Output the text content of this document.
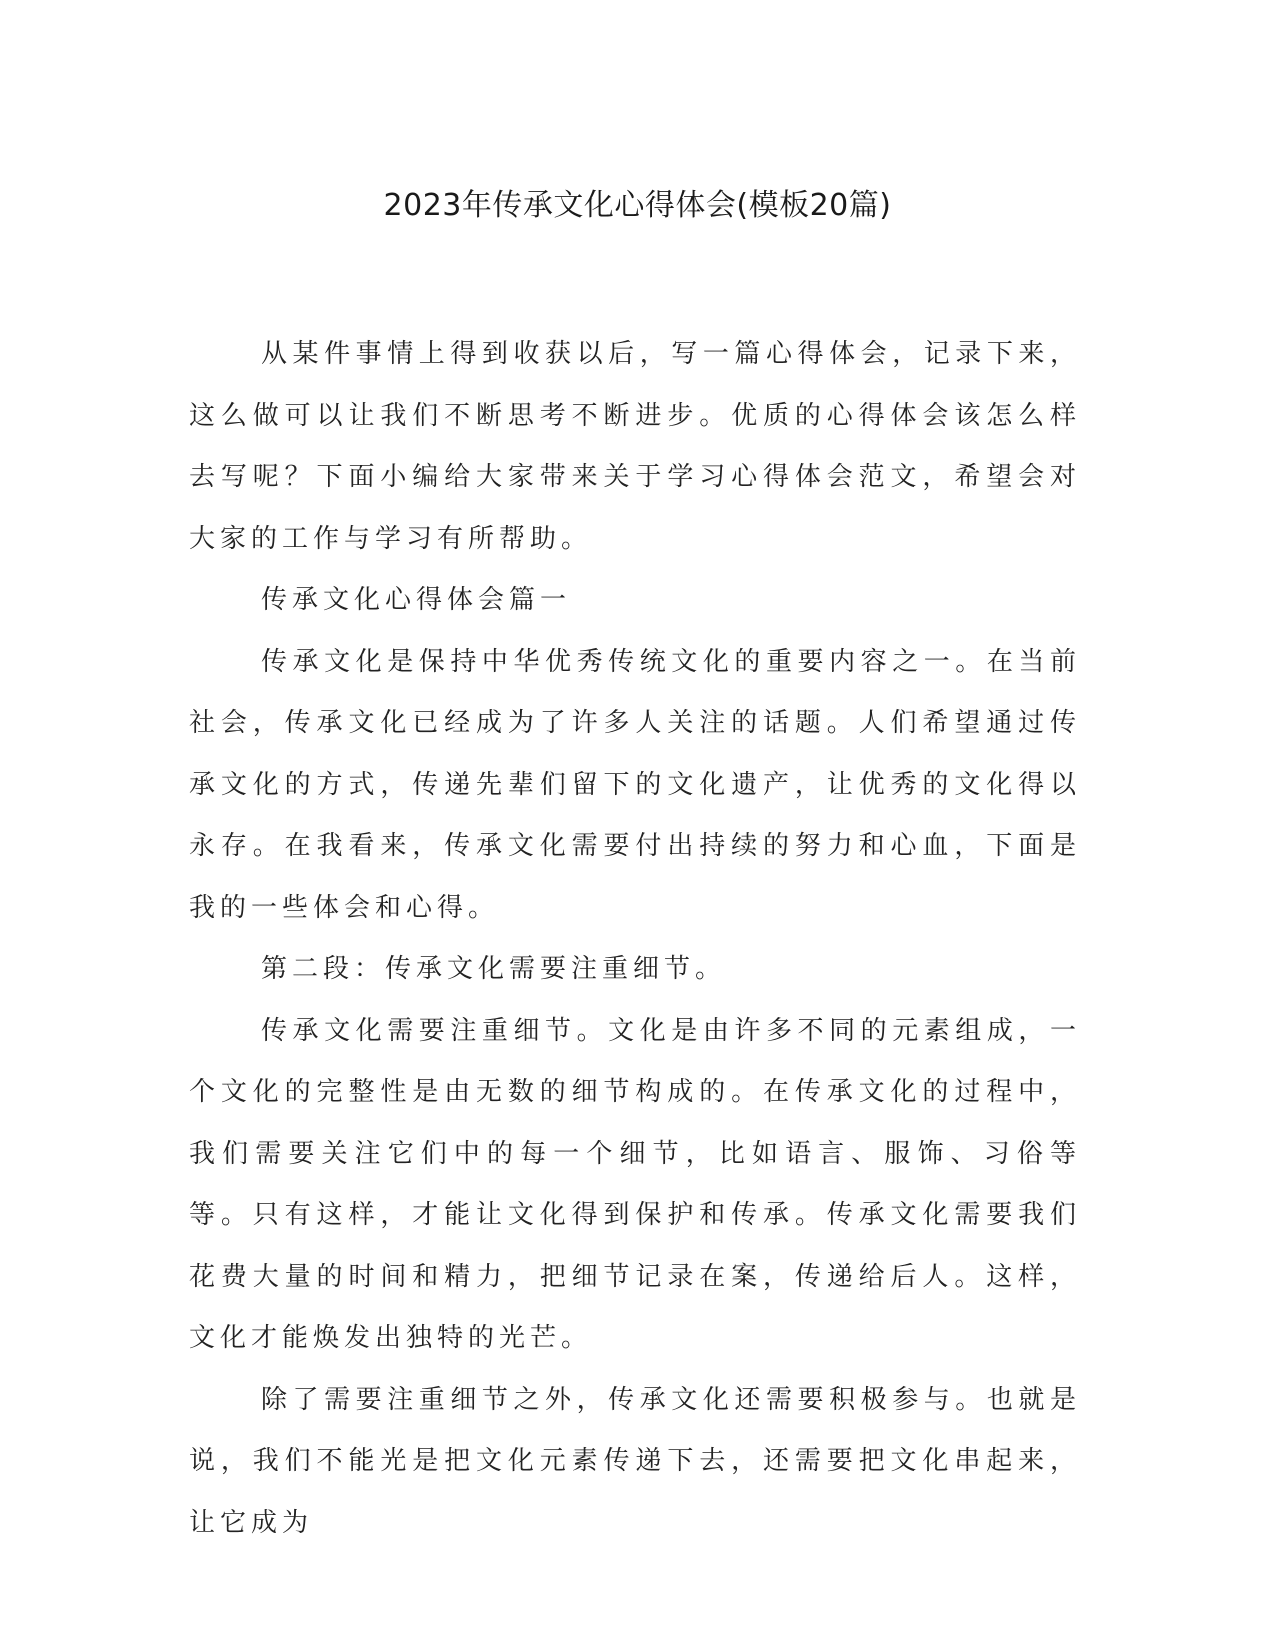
2023年传承文化心得体会(模板20篇)

从某件事情上得到收获以后，写一篇心得体会，记录下来，这么做可以让我们不断思考不断进步。优质的心得体会该怎么样去写呢？下面小编给大家带来关于学习心得体会范文，希望会对大家的工作与学习有所帮助。

传承文化心得体会篇一

传承文化是保持中华优秀传统文化的重要内容之一。在当前社会，传承文化已经成为了许多人关注的话题。人们希望通过传承文化的方式，传递先辈们留下的文化遗产，让优秀的文化得以永存。在我看来，传承文化需要付出持续的努力和心血，下面是我的一些体会和心得。

第二段：传承文化需要注重细节。

传承文化需要注重细节。文化是由许多不同的元素组成，一个文化的完整性是由无数的细节构成的。在传承文化的过程中，我们需要关注它们中的每一个细节，比如语言、服饰、习俗等等。只有这样，才能让文化得到保护和传承。传承文化需要我们花费大量的时间和精力，把细节记录在案，传递给后人。这样，文化才能焕发出独特的光芒。

除了需要注重细节之外，传承文化还需要积极参与。也就是说，我们不能光是把文化元素传递下去，还需要把文化串起来，让它成为
